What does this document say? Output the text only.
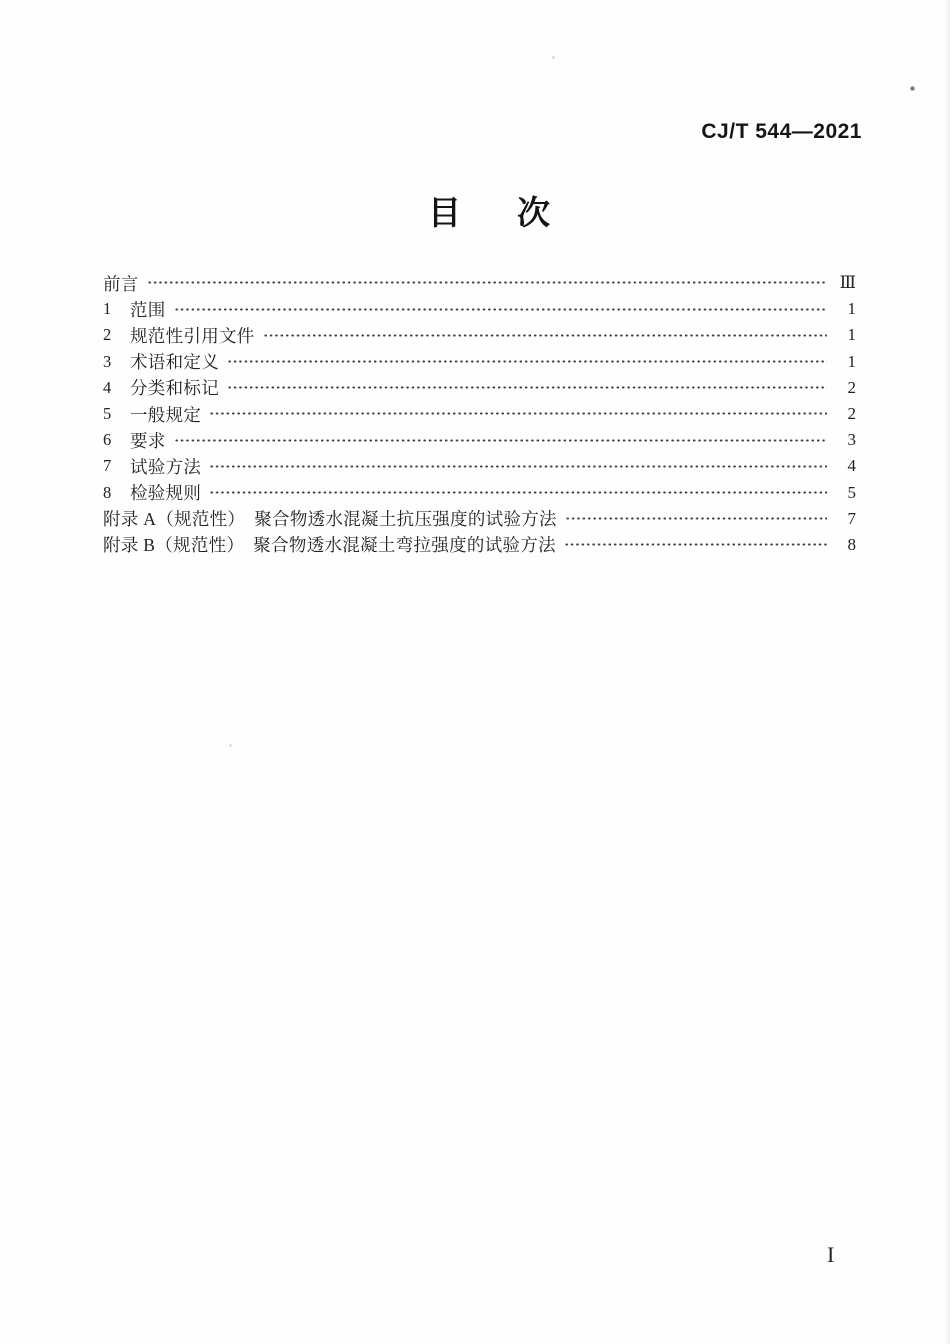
CJ/T 544—2021
目 次
前言	Ⅲ
1	范围	1
2	规范性引用文件	1
3	术语和定义	1
4	分类和标记	2
5	一般规定	2
6	要求	3
7	试验方法	4
8	检验规则	5
附录 A（规范性）　聚合物透水混凝土抗压强度的试验方法	7
附录 B（规范性）　聚合物透水混凝土弯拉强度的试验方法	8
I
